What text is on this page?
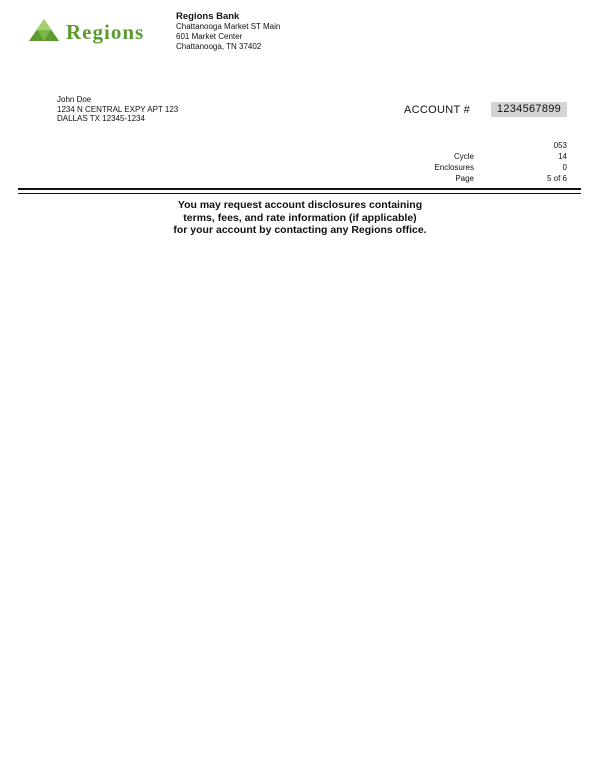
Regions
Regions Bank
Chattanooga Market ST Main
601 Market Center
Chattanooga, TN 37402
John Doe
1234 N CENTRAL EXPY APT 123
DALLAS TX 12345-1234
ACCOUNT #	1234567899
053
Cycle	14
Enclosures	0
Page	5 of 6
You may request account disclosures containing
terms, fees, and rate information (if applicable)
for your account by contacting any Regions office.
